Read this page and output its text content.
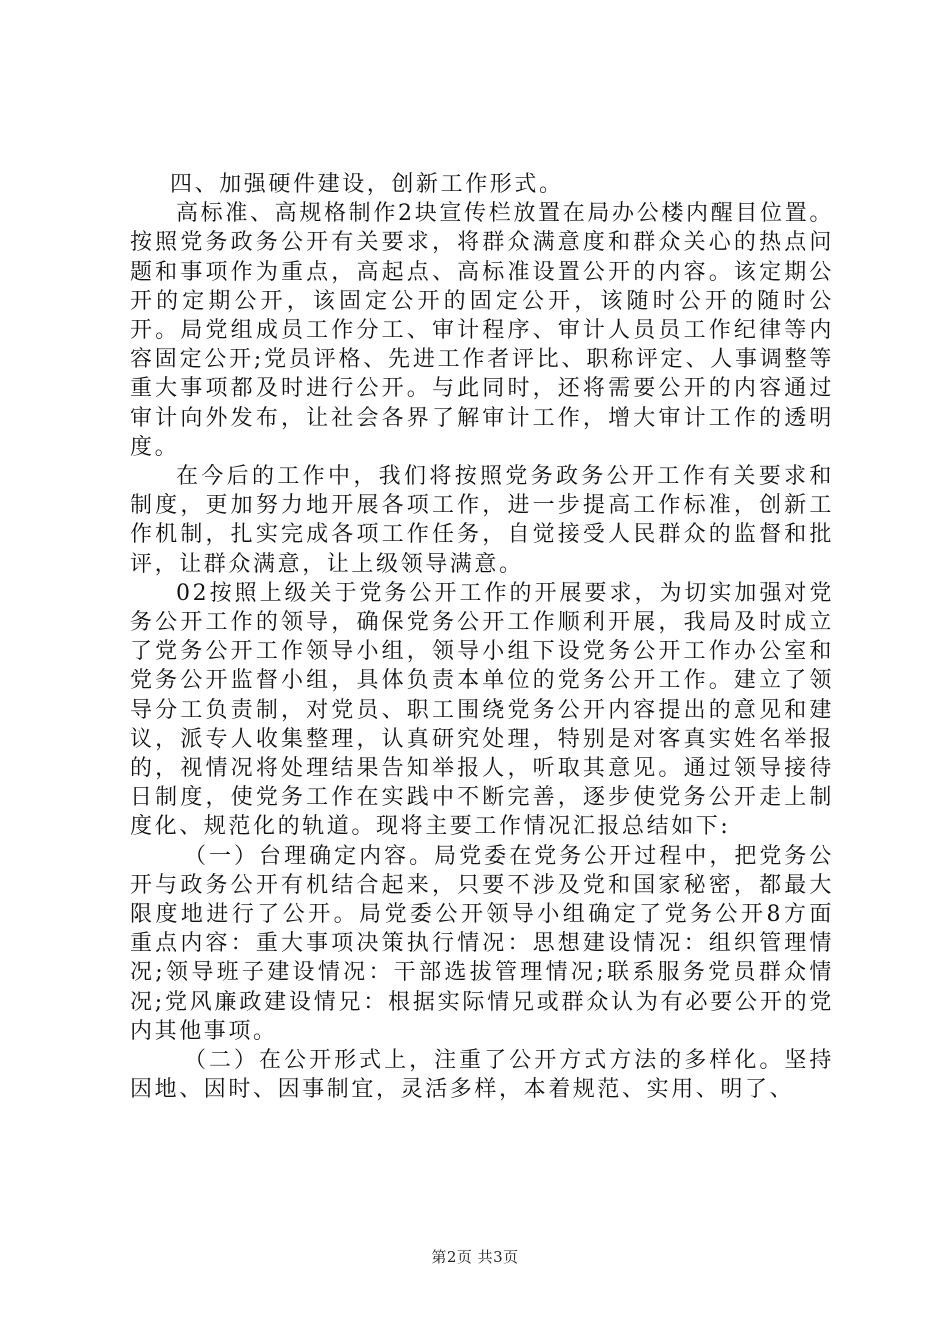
四、加强硬件建设，创新工作形式。

高标准、高规格制作2块宣传栏放置在局办公楼内醒目位置。按照党务政务公开有关要求，将群众满意度和群众关心的热点问题和事项作为重点，高起点、高标准设置公开的内容。该定期公开的定期公开，该固定公开的固定公开，该随时公开的随时公开。局党组成员工作分工、审计程序、审计人员员工作纪律等内容固定公开;党员评格、先进工作者评比、职称评定、人事调整等重大事项都及时进行公开。与此同时，还将需要公开的内容通过审计向外发布，让社会各界了解审计工作，增大审计工作的透明度。

在今后的工作中，我们将按照党务政务公开工作有关要求和制度，更加努力地开展各项工作，进一步提高工作标准，创新工作机制，扎实完成各项工作任务，自觉接受人民群众的监督和批评，让群众满意，让上级领导满意。

02按照上级关于党务公开工作的开展要求，为切实加强对党务公开工作的领导，确保党务公开工作顺利开展，我局及时成立了党务公开工作领导小组，领导小组下设党务公开工作办公室和党务公开监督小组，具体负责本单位的党务公开工作。建立了领导分工负责制，对党员、职工围绕党务公开内容提出的意见和建议，派专人收集整理，认真研究处理，特别是对客真实姓名举报的，视情况将处理结果告知举报人，听取其意见。通过领导接待日制度，使党务工作在实践中不断完善，逐步使党务公开走上制度化、规范化的轨道。现将主要工作情况汇报总结如下:

（一）台理确定内容。局党委在党务公开过程中，把党务公开与政务公开有机结合起来，只要不涉及党和国家秘密，都最大限度地进行了公开。局党委公开领导小组确定了党务公开8方面重点内容：重大事项决策执行情况：思想建设情况：组织管理情况;领导班子建设情况：干部选拔管理情况;联系服务党员群众情况;党风廉政建设情兄：根据实际情兄或群众认为有必要公开的党内其他事项。

（二）在公开形式上，注重了公开方式方法的多样化。坚持因地、因时、因事制宜，灵活多样，本着规范、实用、明了、

第2页 共3页
